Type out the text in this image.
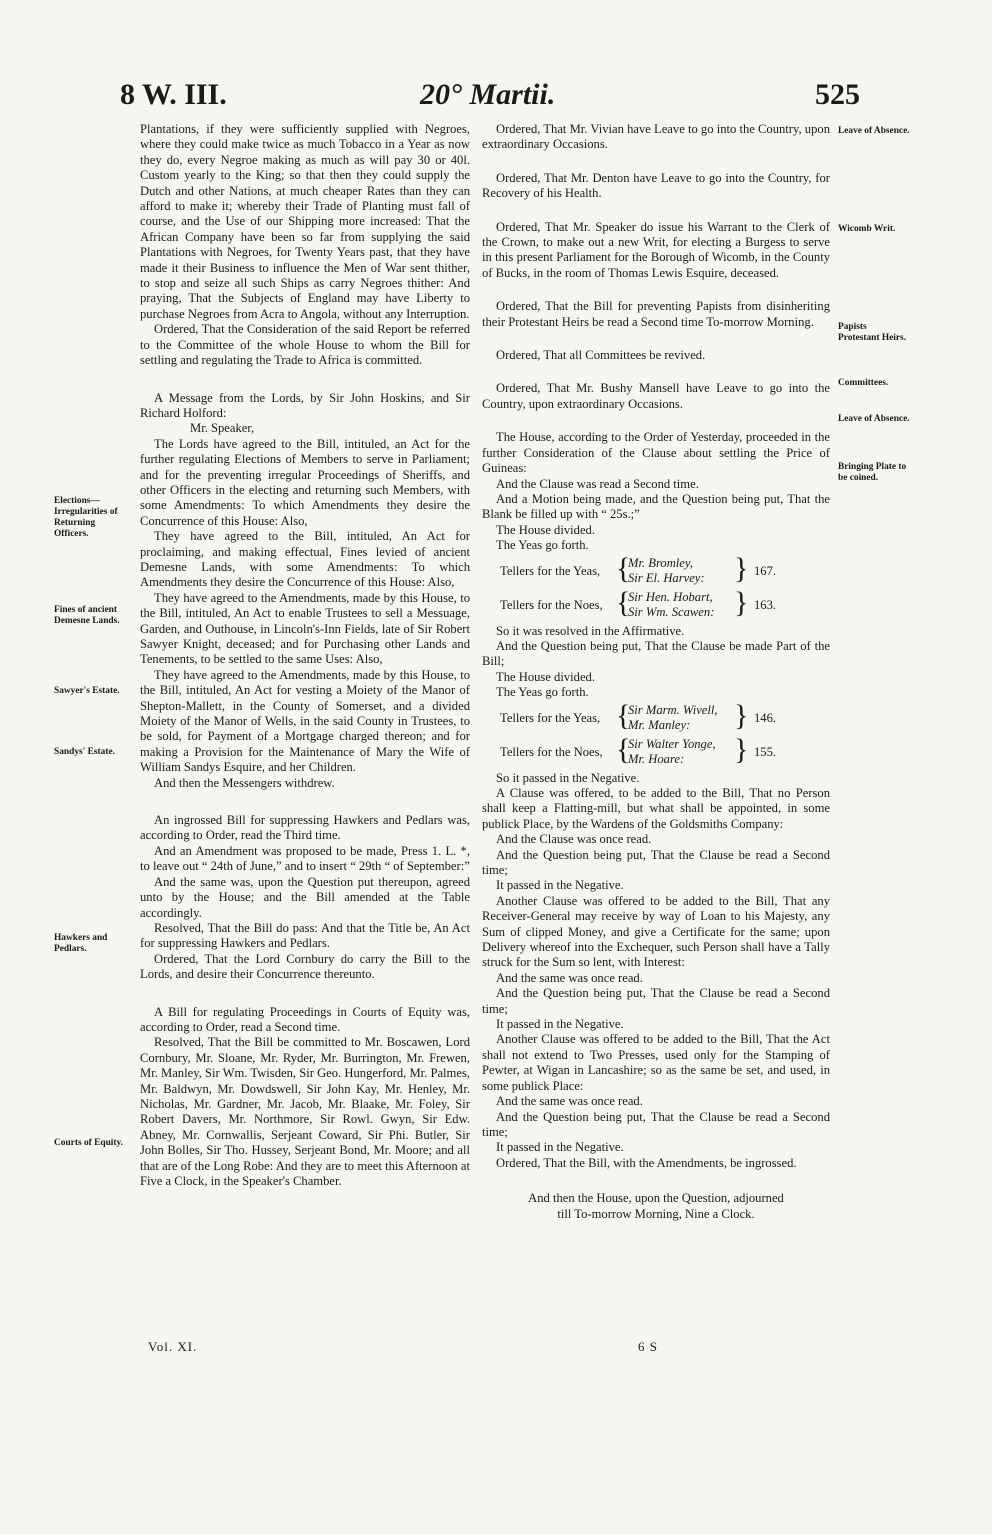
8 W. III.	20° Martii.	525

Plantations, if they were sufficiently supplied with Negroes, where they could make twice as much Tobacco in a Year as now they do, every Negroe making as much as will pay 30 or 40l. Custom yearly to the King; so that then they could supply the Dutch and other Nations, at much cheaper Rates than they can afford to make it; whereby their Trade of Planting must fall of course, and the Use of our Shipping more increased: That the African Company have been so far from supplying the said Plantations with Negroes, for Twenty Years past, that they have made it their Business to influence the Men of War sent thither, to stop and seize all such Ships as carry Negroes thither: And praying, That the Subjects of England may have Liberty to purchase Negroes from Acra to Angola, without any Interruption.

Ordered, That the Consideration of the said Report be referred to the Committee of the whole House to whom the Bill for settling and regulating the Trade to Africa is committed.

A Message from the Lords, by Sir John Hoskins, and Sir Richard Holford:

Mr. Speaker,

The Lords have agreed to the Bill, intituled, an Act for the further regulating Elections of Members to serve in Parliament; and for the preventing irregular Proceedings of Sheriffs, and other Officers in the electing and returning such Members, with some Amendments: To which Amendments they desire the Concurrence of this House: Also,

They have agreed to the Bill, intituled, An Act for proclaiming, and making effectual, Fines levied of ancient Demesne Lands, with some Amendments: To which Amendments they desire the Concurrence of this House: Also,

They have agreed to the Amendments, made by this House, to the Bill, intituled, An Act to enable Trustees to sell a Messuage, Garden, and Outhouse, in Lincoln's-Inn Fields, late of Sir Robert Sawyer Knight, deceased; and for Purchasing other Lands and Tenements, to be settled to the same Uses: Also,

They have agreed to the Amendments, made by this House, to the Bill, intituled, An Act for vesting a Moiety of the Manor of Shepton-Mallett, in the County of Somerset, and a divided Moiety of the Manor of Wells, in the said County in Trustees, to be sold, for Payment of a Mortgage charged thereon; and for making a Provision for the Maintenance of Mary the Wife of William Sandys Esquire, and her Children.

And then the Messengers withdrew.

An ingrossed Bill for suppressing Hawkers and Pedlars was, according to Order, read the Third time.

And an Amendment was proposed to be made, Press 1. L. *, to leave out “ 24th of June,” and to insert “ 29th “ of September:”

And the same was, upon the Question put thereupon, agreed unto by the House; and the Bill amended at the Table accordingly.

Resolved, That the Bill do pass: And that the Title be, An Act for suppressing Hawkers and Pedlars.

Ordered, That the Lord Cornbury do carry the Bill to the Lords, and desire their Concurrence thereunto.

A Bill for regulating Proceedings in Courts of Equity was, according to Order, read a Second time.

Resolved, That the Bill be committed to Mr. Boscawen, Lord Cornbury, Mr. Sloane, Mr. Ryder, Mr. Burrington, Mr. Frewen, Mr. Manley, Sir Wm. Twisden, Sir Geo. Hungerford, Mr. Palmes, Mr. Baldwyn, Mr. Dowdswell, Sir John Kay, Mr. Henley, Mr. Nicholas, Mr. Gardner, Mr. Jacob, Mr. Blaake, Mr. Foley, Sir Robert Davers, Mr. Northmore, Sir Rowl. Gwyn, Sir Edw. Abney, Mr. Cornwallis, Serjeant Coward, Sir Phi. Butler, Sir John Bolles, Sir Tho. Hussey, Serjeant Bond, Mr. Moore; and all that are of the Long Robe: And they are to meet this Afternoon at Five a Clock, in the Speaker's Chamber.

Ordered, That Mr. Vivian have Leave to go into the Country, upon extraordinary Occasions.

Ordered, That Mr. Denton have Leave to go into the Country, for Recovery of his Health.

Ordered, That Mr. Speaker do issue his Warrant to the Clerk of the Crown, to make out a new Writ, for electing a Burgess to serve in this present Parliament for the Borough of Wicomb, in the County of Bucks, in the room of Thomas Lewis Esquire, deceased.

Ordered, That the Bill for preventing Papists from disinheriting their Protestant Heirs be read a Second time To-morrow Morning.

Ordered, That all Committees be revived.

Ordered, That Mr. Bushy Mansell have Leave to go into the Country, upon extraordinary Occasions.

The House, according to the Order of Yesterday, proceeded in the further Consideration of the Clause about settling the Price of Guineas:

And the Clause was read a Second time.

And a Motion being made, and the Question being put, That the Blank be filled up with “ 25s.;”

The House divided.

The Yeas go forth.

Tellers for the Yeas, {
Mr. Bromley,
Sir El. Harvey: } 167.
Tellers for the Noes, {
Sir Hen. Hobart,
Sir Wm. Scawen: } 163.

So it was resolved in the Affirmative.

And the Question being put, That the Clause be made Part of the Bill;

The House divided.

The Yeas go forth.

Tellers for the Yeas, {
Sir Marm. Wivell,
Mr. Manley:	} 146.
Tellers for the Noes, {
Sir Walter Yonge,
Mr. Hoare:	} 155.

So it passed in the Negative.

A Clause was offered, to be added to the Bill, That no Person shall keep a Flatting-mill, but what shall be appointed, in some publick Place, by the Wardens of the Goldsmiths Company:

And the Clause was once read.

And the Question being put, That the Clause be read a Second time;

It passed in the Negative.

Another Clause was offered to be added to the Bill, That any Receiver-General may receive by way of Loan to his Majesty, any Sum of clipped Money, and give a Certificate for the same; upon Delivery whereof into the Exchequer, such Person shall have a Tally struck for the Sum so lent, with Interest:

And the same was once read.

And the Question being put, That the Clause be read a Second time;

It passed in the Negative.

Another Clause was offered to be added to the Bill, That the Act shall not extend to Two Presses, used only for the Stamping of Pewter, at Wigan in Lancashire; so as the same be set, and used, in some publick Place:

And the same was once read.

And the Question being put, That the Clause be read a Second time;

It passed in the Negative.

Ordered, That the Bill, with the Amendments, be ingrossed.

And then the House, upon the Question, adjourned till To-morrow Morning, Nine a Clock.

Elections—Irregularities of Returning Officers.
Fines of ancient Demesne Lands.
Sawyer's Estate.
Sandys' Estate.
Hawkers and Pedlars.
Courts of Equity.
Leave of Absence.
Wicomb Writ.
Papists Protestant Heirs.
Committees.
Leave of Absence.
Bringing Plate to be coined.
Vol. XI.	6 S
